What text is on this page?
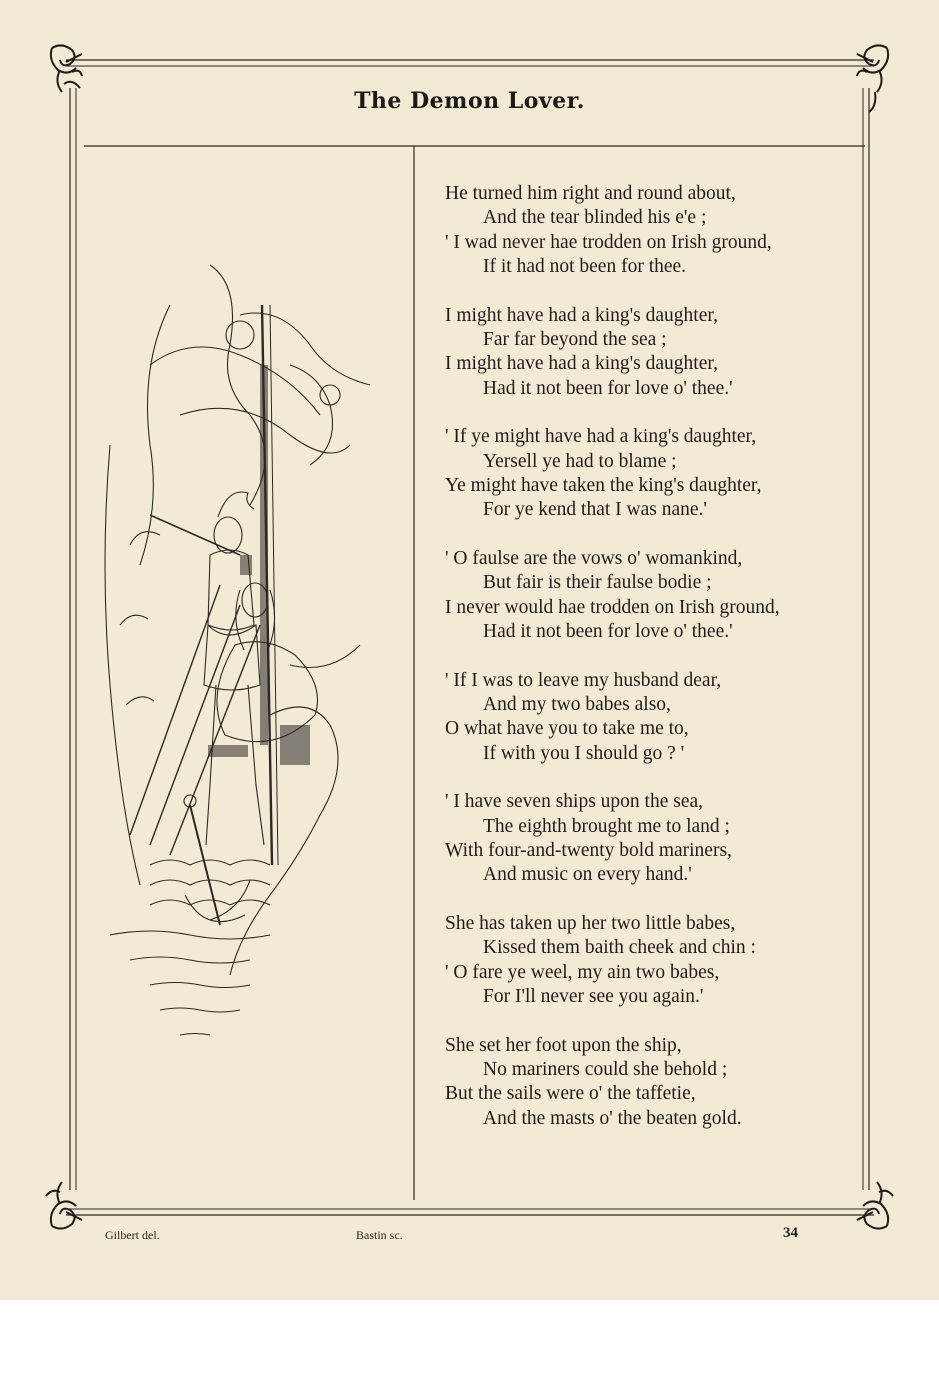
The Demon Lover.
He turned him right and round about,
And the tear blinded his e'e ;
' I wad never hae trodden on Irish ground,
If it had not been for thee.
I might have had a king's daughter,
Far far beyond the sea ;
I might have had a king's daughter,
Had it not been for love o' thee.'
' If ye might have had a king's daughter,
Yersell ye had to blame ;
Ye might have taken the king's daughter,
For ye kend that I was nane.'
' O faulse are the vows o' womankind,
But fair is their faulse bodie ;
I never would hae trodden on Irish ground,
Had it not been for love o' thee.'
' If I was to leave my husband dear,
And my two babes also,
O what have you to take me to,
If with you I should go ? '
' I have seven ships upon the sea,
The eighth brought me to land ;
With four-and-twenty bold mariners,
And music on every hand.'
She has taken up her two little babes,
Kissed them baith cheek and chin :
' O fare ye weel, my ain two babes,
For I'll never see you again.'
She set her foot upon the ship,
No mariners could she behold ;
But the sails were o' the taffetie,
And the masts o' the beaten gold.
Gilbert del.	Bastin sc.	34
